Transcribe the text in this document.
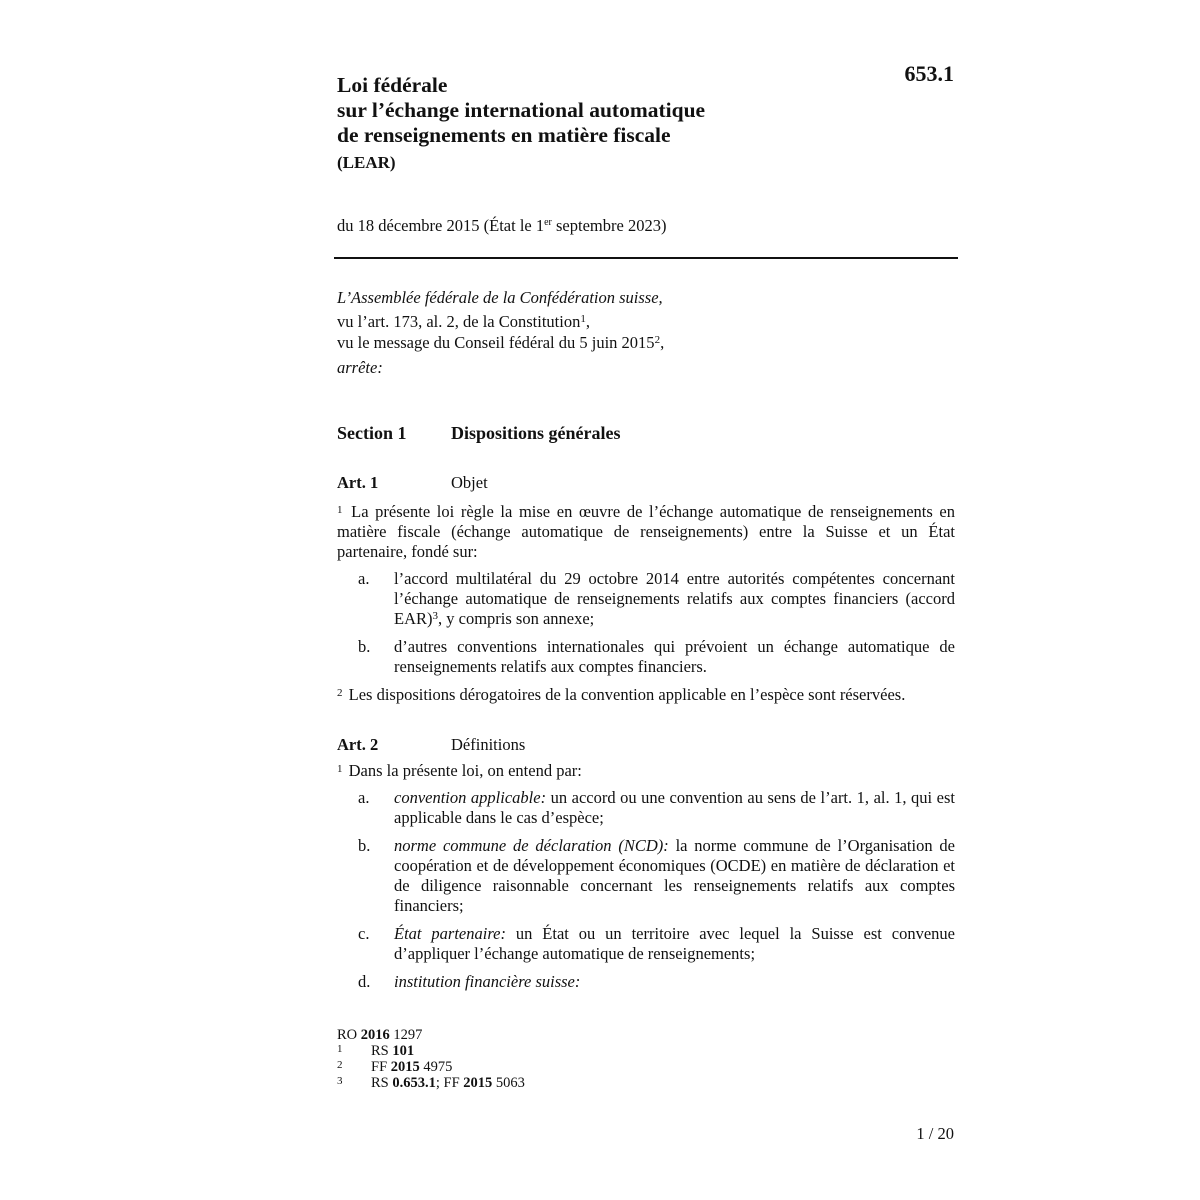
653.1
Loi fédérale
sur l’échange international automatique
de renseignements en matière fiscale
(LEAR)
du 18 décembre 2015 (État le 1er septembre 2023)
L’Assemblée fédérale de la Confédération suisse,
vu l’art. 173, al. 2, de la Constitution$^1$,
vu le message du Conseil fédéral du 5 juin 2015$^2$,
arrête:
Section 1 Dispositions générales
Art. 1	Objet
$^1$ La présente loi règle la mise en œuvre de l’échange automatique de renseignements en matière fiscale (échange automatique de renseignements) entre la Suisse et un État partenaire, fondé sur:
a. l’accord multilatéral du 29 octobre 2014 entre autorités compétentes concernant l’échange automatique de renseignements relatifs aux comptes financiers (accord EAR)$^3$, y compris son annexe;
b. d’autres conventions internationales qui prévoient un échange automatique de renseignements relatifs aux comptes financiers.
$^2$ Les dispositions dérogatoires de la convention applicable en l’espèce sont réservées.
Art. 2	Définitions
$^1$ Dans la présente loi, on entend par:
a. convention applicable: un accord ou une convention au sens de l’art. 1, al. 1, qui est applicable dans le cas d’espèce;
b. norme commune de déclaration (NCD): la norme commune de l’Organisation de coopération et de développement économiques (OCDE) en matière de déclaration et de diligence raisonnable concernant les renseignements relatifs aux comptes financiers;
c. État partenaire: un État ou un territoire avec lequel la Suisse est convenue d’appliquer l’échange automatique de renseignements;
d. institution financière suisse:
RO 2016 1297
1 RS 101
2 FF 2015 4975
3 RS 0.653.1; FF 2015 5063
1 / 20
